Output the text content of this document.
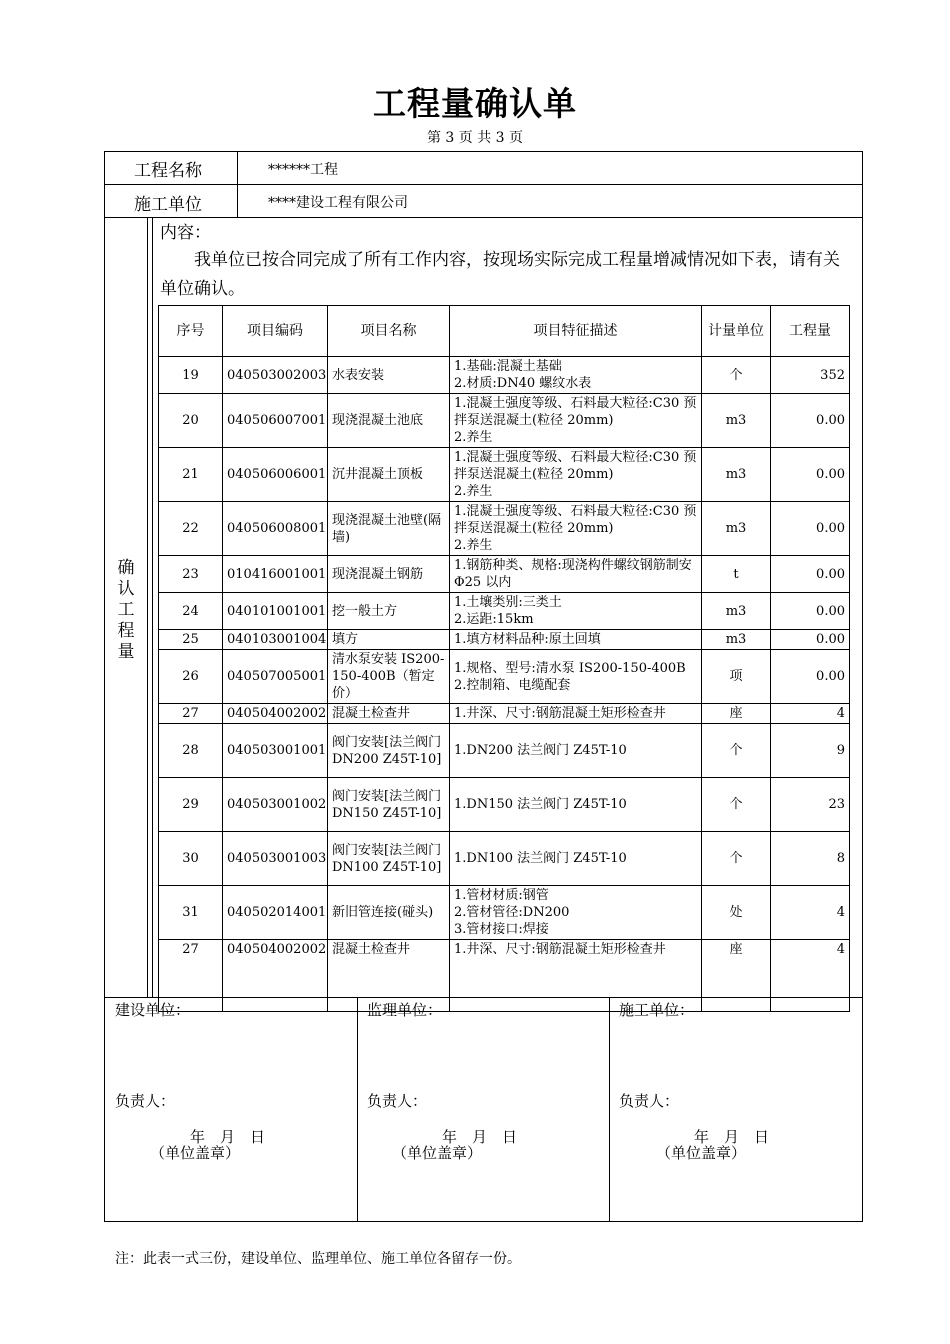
工程量确认单
第 3 页 共 3 页
工程名称	******工程
施工单位	****建设工程有限公司
确
认
工
程
量
内容：
　　我单位已按合同完成了所有工作内容，按现场实际完成工程量增减情况如下表，请有关单位确认。
序号	项目编码	项目名称	项目特征描述	计量单位	工程量
19	040503002003	水表安装	1.基础:混凝土基础
2.材质:DN40 螺纹水表	个	352
20	040506007001	现浇混凝土池底	1.混凝土强度等级、石料最大粒径:C30 预拌泵送混凝土(粒径 20mm)
2.养生	m3	0.00
21	040506006001	沉井混凝土顶板	1.混凝土强度等级、石料最大粒径:C30 预拌泵送混凝土(粒径 20mm)
2.养生	m3	0.00
22	040506008001	现浇混凝土池壁(隔墙)	1.混凝土强度等级、石料最大粒径:C30 预拌泵送混凝土(粒径 20mm)
2.养生	m3	0.00
23	010416001001	现浇混凝土钢筋	1.钢筋种类、规格:现浇构件螺纹钢筋制安 Φ25 以内	t	0.00
24	040101001001	挖一般土方	1.土壤类别:三类土
2.运距:15km	m3	0.00
25	040103001004	填方	1.填方材料品种:原土回填	m3	0.00
26	040507005001	清水泵安装 IS200-150-400B（暂定价）	1.规格、型号:清水泵 IS200-150-400B
2.控制箱、电缆配套	项	0.00
27	040504002002	混凝土检查井	1.井深、尺寸:钢筋混凝土矩形检查井	座	4
28	040503001001	阀门安装[法兰阀门 DN200 Z45T-10]	1.DN200 法兰阀门 Z45T-10	个	9
29	040503001002	阀门安装[法兰阀门 DN150 Z45T-10]	1.DN150 法兰阀门 Z45T-10	个	23
30	040503001003	阀门安装[法兰阀门 DN100 Z45T-10]	1.DN100 法兰阀门 Z45T-10	个	8
31	040502014001	新旧管连接(碰头)	1.管材材质:钢管
2.管材管径:DN200
3.管材接口:焊接	处	4
27	040504002002	混凝土检查井	1.井深、尺寸:钢筋混凝土矩形检查井	座	4
建设单位：
负责人：
年　月　日
（单位盖章）
监理单位：
负责人：
年　月　日
（单位盖章）
施工单位：
负责人：
年　月　日
（单位盖章）
注：此表一式三份，建设单位、监理单位、施工单位各留存一份。
